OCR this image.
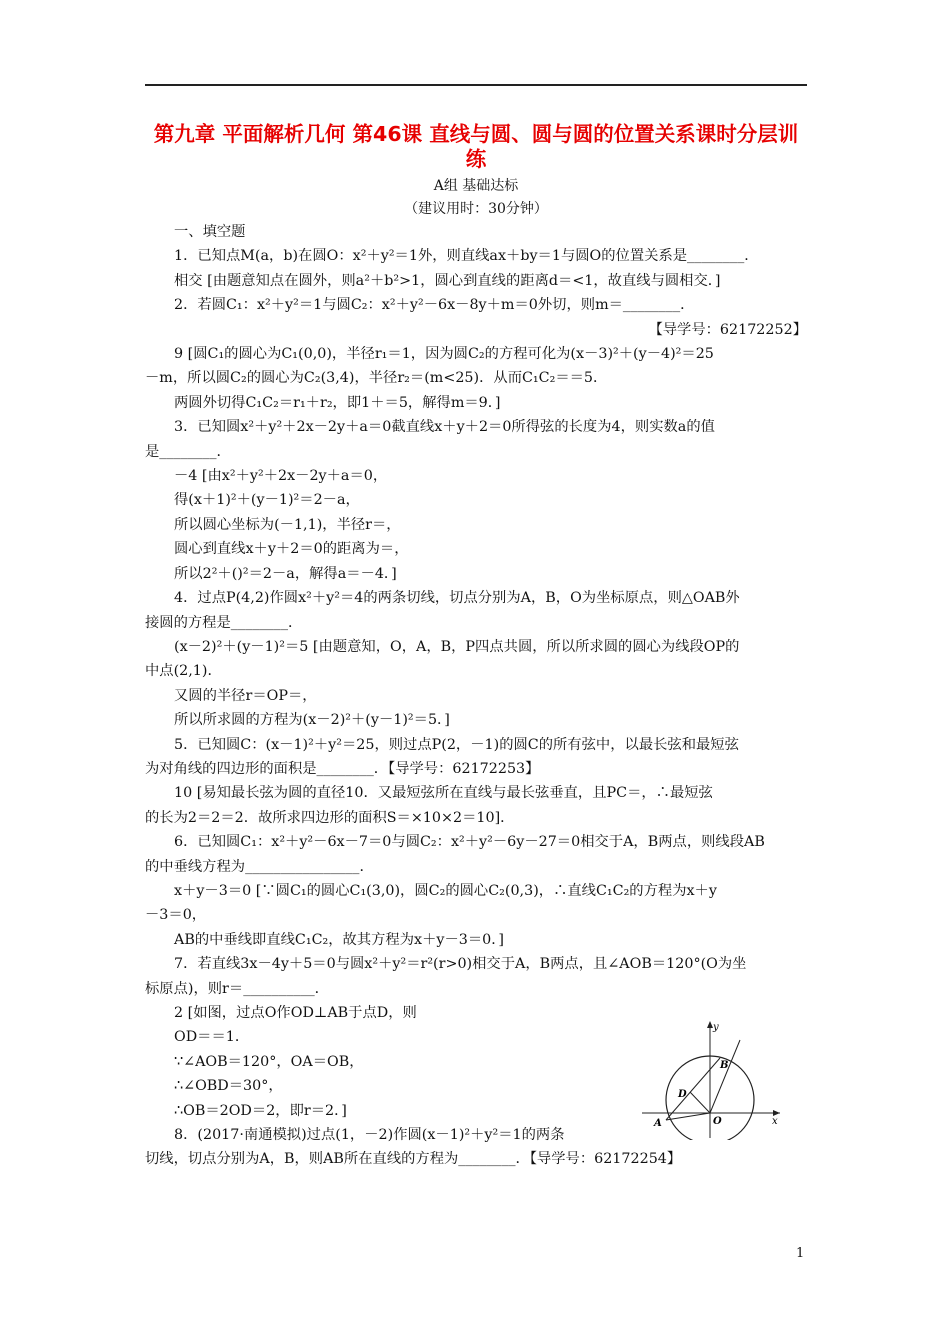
第九章 平面解析几何 第46课 直线与圆、圆与圆的位置关系课时分层训练
A组 基础达标
（建议用时：30分钟）

一、填空题

1．已知点M(a，b)在圆O：x²＋y²＝1外，则直线ax＋by＝1与圆O的位置关系是________．

相交 [由题意知点在圆外，则a²＋b²>1，圆心到直线的距离d＝<1，故直线与圆相交．]

2．若圆C₁：x²＋y²＝1与圆C₂：x²＋y²－6x－8y＋m＝0外切，则m＝________．

【导学号：62172252】

9 [圆C₁的圆心为C₁(0,0)，半径r₁＝1，因为圆C₂的方程可化为(x－3)²＋(y－4)²＝25

－m，所以圆C₂的圆心为C₂(3,4)，半径r₂＝(m<25)．从而C₁C₂＝＝5．

两圆外切得C₁C₂＝r₁＋r₂，即1＋＝5，解得m＝9．]

3．已知圆x²＋y²＋2x－2y＋a＝0截直线x＋y＋2＝0所得弦的长度为4，则实数a的值

是________．

－4 [由x²＋y²＋2x－2y＋a＝0，

得(x＋1)²＋(y－1)²＝2－a，

所以圆心坐标为(－1,1)，半径r＝，

圆心到直线x＋y＋2＝0的距离为＝，

所以2²＋()²＝2－a，解得a＝－4．]

4．过点P(4,2)作圆x²＋y²＝4的两条切线，切点分别为A，B，O为坐标原点，则△OAB外

接圆的方程是________．

(x－2)²＋(y－1)²＝5 [由题意知，O，A，B，P四点共圆，所以所求圆的圆心为线段OP的

中点(2,1)．

又圆的半径r＝OP＝，

所以所求圆的方程为(x－2)²＋(y－1)²＝5．]

5．已知圆C：(x－1)²＋y²＝25，则过点P(2，－1)的圆C的所有弦中，以最长弦和最短弦

为对角线的四边形的面积是________．【导学号：62172253】

10 [易知最长弦为圆的直径10．又最短弦所在直线与最长弦垂直，且PC＝，∴最短弦

的长为2＝2＝2．故所求四边形的面积S＝×10×2＝10]．

6．已知圆C₁：x²＋y²－6x－7＝0与圆C₂：x²＋y²－6y－27＝0相交于A，B两点，则线段AB

的中垂线方程为________________．

x＋y－3＝0 [∵圆C₁的圆心C₁(3,0)，圆C₂的圆心C₂(0,3)，∴直线C₁C₂的方程为x＋y

－3＝0，

AB的中垂线即直线C₁C₂，故其方程为x＋y－3＝0．]

7．若直线3x－4y＋5＝0与圆x²＋y²＝r²(r>0)相交于A，B两点，且∠AOB＝120°(O为坐

标原点)，则r＝__________．

2 [如图，过点O作OD⊥AB于点D，则

OD＝＝1．

∵∠AOB＝120°，OA＝OB，

∴∠OBD＝30°，

∴OB＝2OD＝2，即r＝2．]

8．(2017·南通模拟)过点(1，－2)作圆(x－1)²＋y²＝1的两条

切线，切点分别为A，B，则AB所在直线的方程为________．【导学号：62172254】

y
x
B
D
A	O
1
